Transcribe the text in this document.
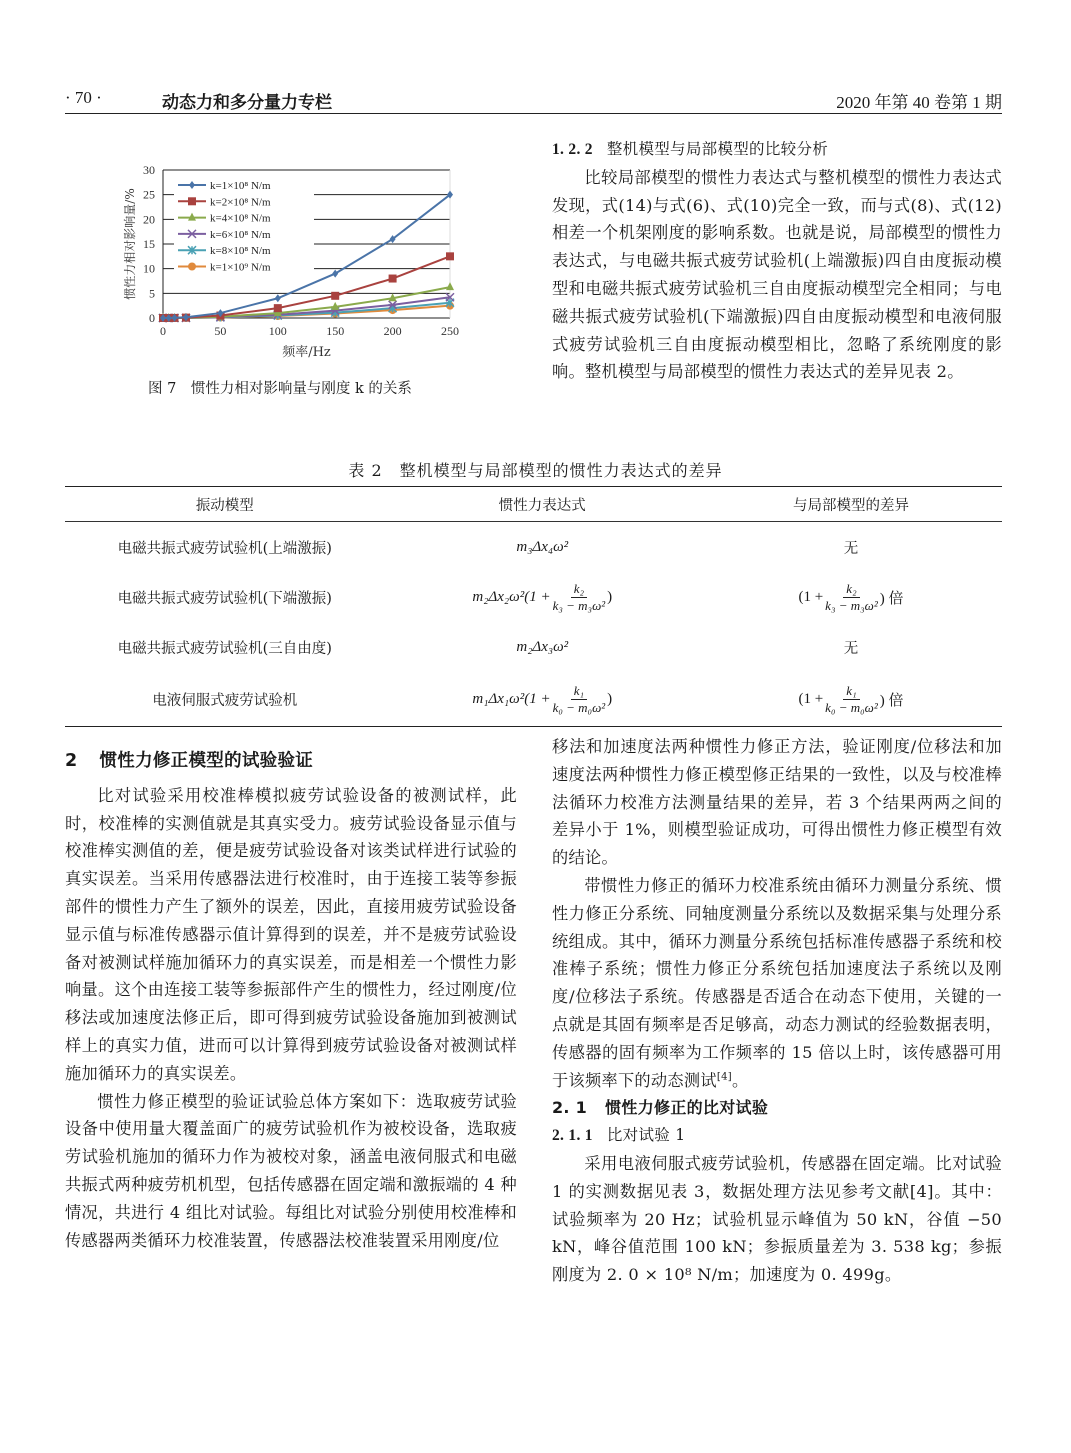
· 70 ·	动态力和多分量力专栏	2020 年第 40 卷第 1 期
0
5
10
15
20
25
30
0	50	100	150	200	250
频率/Hz
惯性力相对影响量/%
k=1×10⁸ N/m
k=2×10⁸ N/m
k=4×10⁸ N/m
k=6×10⁸ N/m
k=8×10⁸ N/m
k=1×10⁹ N/m
图 7　惯性力相对影响量与刚度 k 的关系
1. 2. 2 整机模型与局部模型的比较分析

比较局部模型的惯性力表达式与整机模型的惯性力表达式发现，式(14)与式(6)、式(10)完全一致，而与式(8)、式(12)相差一个机架刚度的影响系数。也就是说，局部模型的惯性力表达式，与电磁共振式疲劳试验机(上端激振)四自由度振动模型和电磁共振式疲劳试验机三自由度振动模型完全相同；与电磁共振式疲劳试验机(下端激振)四自由度振动模型和电液伺服式疲劳试验机三自由度振动模型相比，忽略了系统刚度的影响。整机模型与局部模型的惯性力表达式的差异见表 2。

表 2　整机模型与局部模型的惯性力表达式的差异
振动模型	惯性力表达式	与局部模型的差异
电磁共振式疲劳试验机(上端激振)	m₃Δx₄ω²	无
电磁共振式疲劳试验机(下端激振)	$m_2\Delta x_2\omega^2(1 + \frac{\text{k₂}}{\text{k₃ − m₃ω²}}$ )	($1 + \frac{\text{k₂}}{\text{k₃ − m₃ω²}}$ ) 倍

电磁共振式疲劳试验机(三自由度)	m₂Δx₃ω²	无
电液伺服式疲劳试验机	$m_1\Delta x_1\omega^2(1 + \frac{\text{k₁}}{\text{k₀ − m₀ω²}}$ )	($1 + \frac{\text{k₁}}{\text{k₀ − m₀ω²}}$ ) 倍
2 惯性力修正模型的试验验证

比对试验采用校准棒模拟疲劳试验设备的被测试样，此时，校准棒的实测值就是其真实受力。疲劳试验设备显示值与校准棒实测值的差，便是疲劳试验设备对该类试样进行试验的真实误差。当采用传感器法进行校准时，由于连接工装等参振部件的惯性力产生了额外的误差，因此，直接用疲劳试验设备显示值与标准传感器示值计算得到的误差，并不是疲劳试验设备对被测试样施加循环力的真实误差，而是相差一个惯性力影响量。这个由连接工装等参振部件产生的惯性力，经过刚度/位移法或加速度法修正后，即可得到疲劳试验设备施加到被测试样上的真实力值，进而可以计算得到疲劳试验设备对被测试样施加循环力的真实误差。

惯性力修正模型的验证试验总体方案如下：选取疲劳试验设备中使用量大覆盖面广的疲劳试验机作为被校设备，选取疲劳试验机施加的循环力作为被校对象，涵盖电液伺服式和电磁共振式两种疲劳机机型，包括传感器在固定端和激振端的 4 种情况，共进行 4 组比对试验。每组比对试验分别使用校准棒和传感器两类循环力校准装置，传感器法校准装置采用刚度/位

移法和加速度法两种惯性力修正方法，验证刚度/位移法和加速度法两种惯性力修正模型修正结果的一致性，以及与校准棒法循环力校准方法测量结果的差异，若 3 个结果两两之间的差异小于 1%，则模型验证成功，可得出惯性力修正模型有效的结论。

带惯性力修正的循环力校准系统由循环力测量分系统、惯性力修正分系统、同轴度测量分系统以及数据采集与处理分系统组成。其中，循环力测量分系统包括标准传感器子系统和校准棒子系统；惯性力修正分系统包括加速度法子系统以及刚度/位移法子系统。传感器是否适合在动态下使用，关键的一点就是其固有频率是否足够高，动态力测试的经验数据表明，传感器的固有频率为工作频率的 15 倍以上时，该传感器可用于该频率下的动态测试[4]。

2. 1 惯性力修正的比对试验
2. 1. 1 比对试验 1

采用电液伺服式疲劳试验机，传感器在固定端。比对试验 1 的实测数据见表 3，数据处理方法见参考文献[4]。其中：试验频率为 20 Hz；试验机显示峰值为 50 kN，谷值 −50 kN，峰谷值范围 100 kN；参振质量差为 3. 538 kg；参振刚度为 2. 0 × 10⁸ N/m；加速度为 0. 499g。
